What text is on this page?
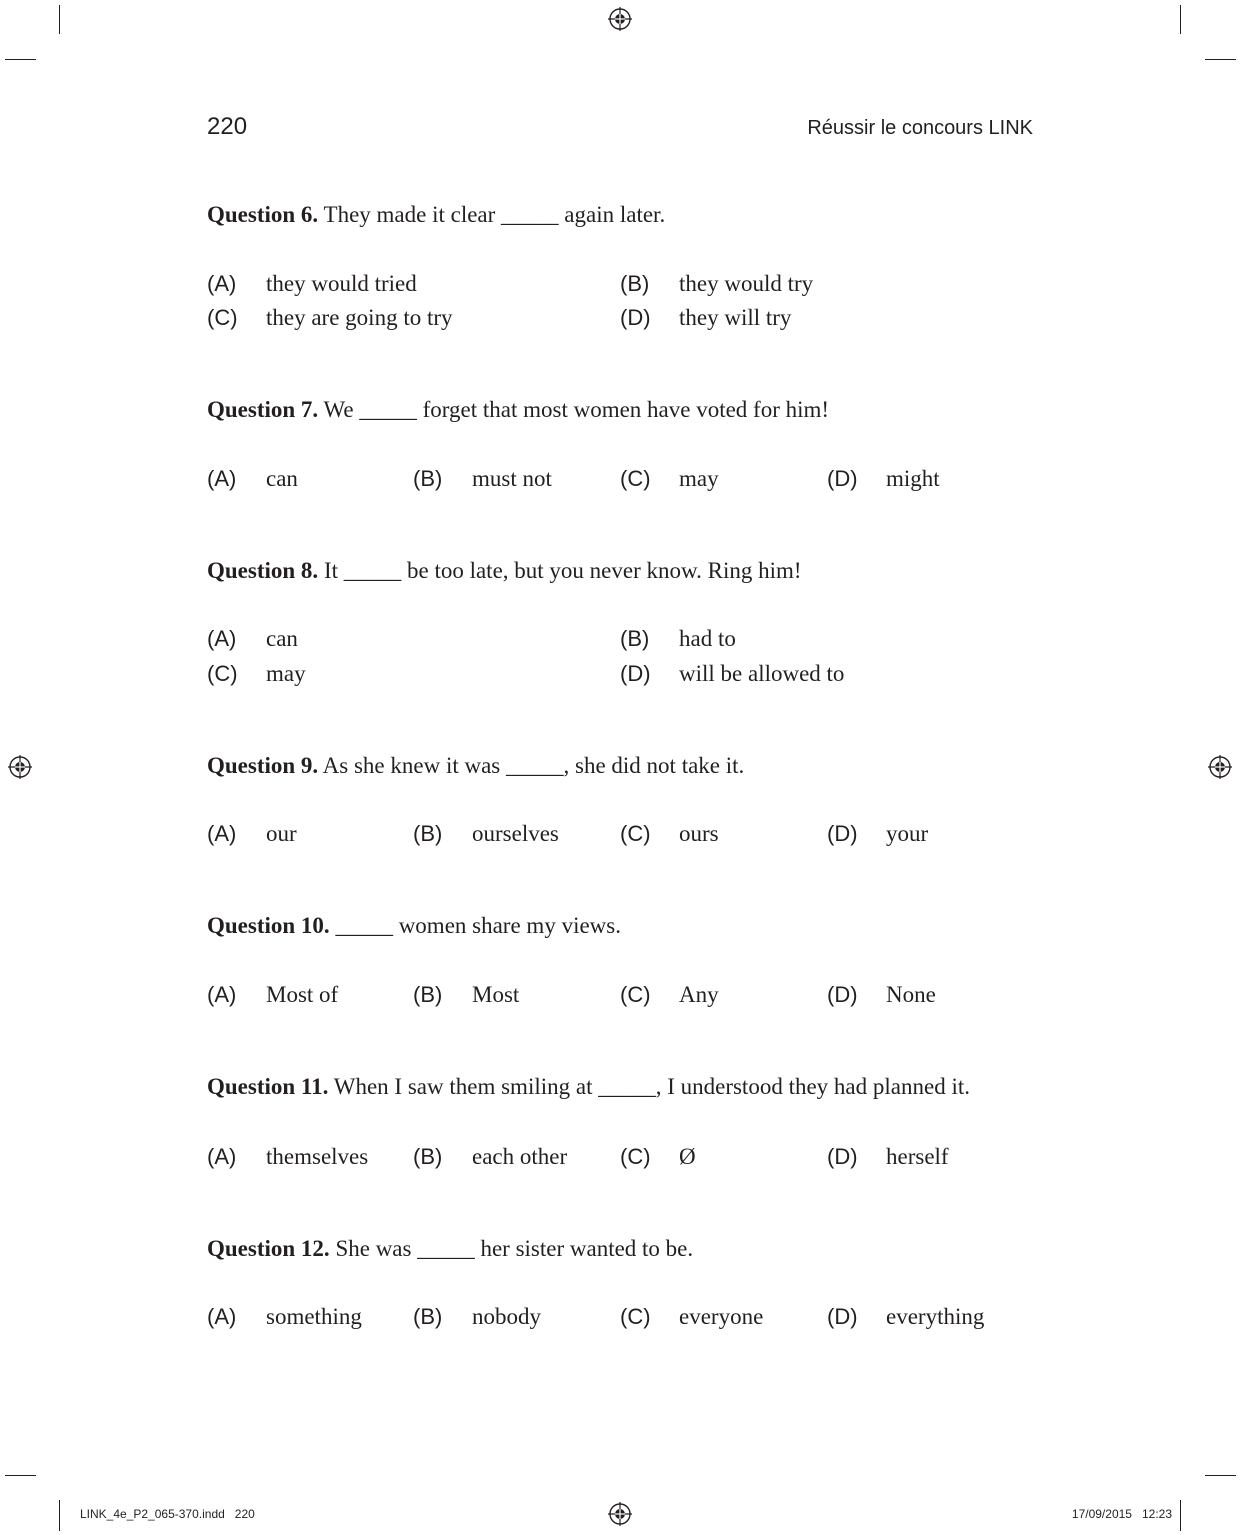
220	Réussir le concours LINK
Question 6. They made it clear _____ again later.
(A) they would tried	(B) they would try
(C) they are going to try	(D) they will try
Question 7. We _____ forget that most women have voted for him!
(A) can	(B) must not	(C) may	(D) might
Question 8. It _____ be too late, but you never know. Ring him!
(A) can	(B) had to
(C) may	(D) will be allowed to
Question 9. As she knew it was _____, she did not take it.
(A) our	(B) ourselves	(C) ours	(D) your
Question 10. _____ women share my views.
(A) Most of	(B) Most	(C) Any	(D) None
Question 11. When I saw them smiling at _____, I understood they had planned it.
(A) themselves (B) each other (C) Ø	(D) herself
Question 12. She was _____ her sister wanted to be.
(A) something (B) nobody	(C) everyone	(D) everything
LINK_4e_P2_065-370.indd   220	17/09/2015   12:23
